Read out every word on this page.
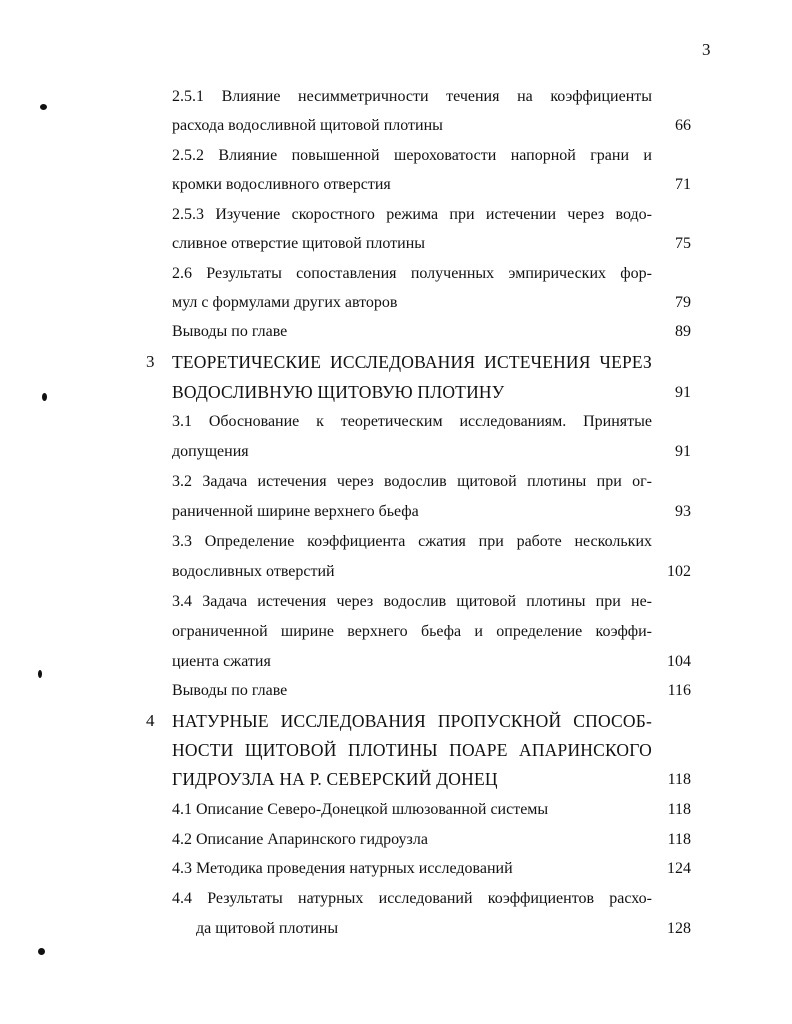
3
2.5.1 Влияние несимметричности течения на коэффициенты
расхода водосливной щитовой плотины	66
2.5.2 Влияние повышенной шероховатости напорной грани и
кромки водосливного отверстия	71
2.5.3 Изучение скоростного режима при истечении через водо-
сливное отверстие щитовой плотины	75
2.6 Результаты сопоставления полученных эмпирических фор-
мул с формулами других авторов	79
Выводы по главе	89
3 ТЕОРЕТИЧЕСКИЕ ИССЛЕДОВАНИЯ ИСТЕЧЕНИЯ ЧЕРЕЗ
ВОДОСЛИВНУЮ ЩИТОВУЮ ПЛОТИНУ	91
3.1 Обоснование к теоретическим исследованиям. Принятые
допущения	91
3.2 Задача истечения через водослив щитовой плотины при ог-
раниченной ширине верхнего бьефа	93
3.3 Определение коэффициента сжатия при работе нескольких
водосливных отверстий	102
3.4 Задача истечения через водослив щитовой плотины при не-
ограниченной ширине верхнего бьефа и определение коэффи-
циента сжатия	104
Выводы по главе	116
4 НАТУРНЫЕ ИССЛЕДОВАНИЯ ПРОПУСКНОЙ СПОСОБ-
НОСТИ ЩИТОВОЙ ПЛОТИНЫ ПОАРЕ АПАРИНСКОГО
ГИДРОУЗЛА НА Р. СЕВЕРСКИЙ ДОНЕЦ	118
4.1 Описание Северо-Донецкой шлюзованной системы	118
4.2 Описание Апаринского гидроузла	118
4.3 Методика проведения натурных исследований	124
4.4 Результаты натурных исследований коэффициентов расхо-
да щитовой плотины	128
